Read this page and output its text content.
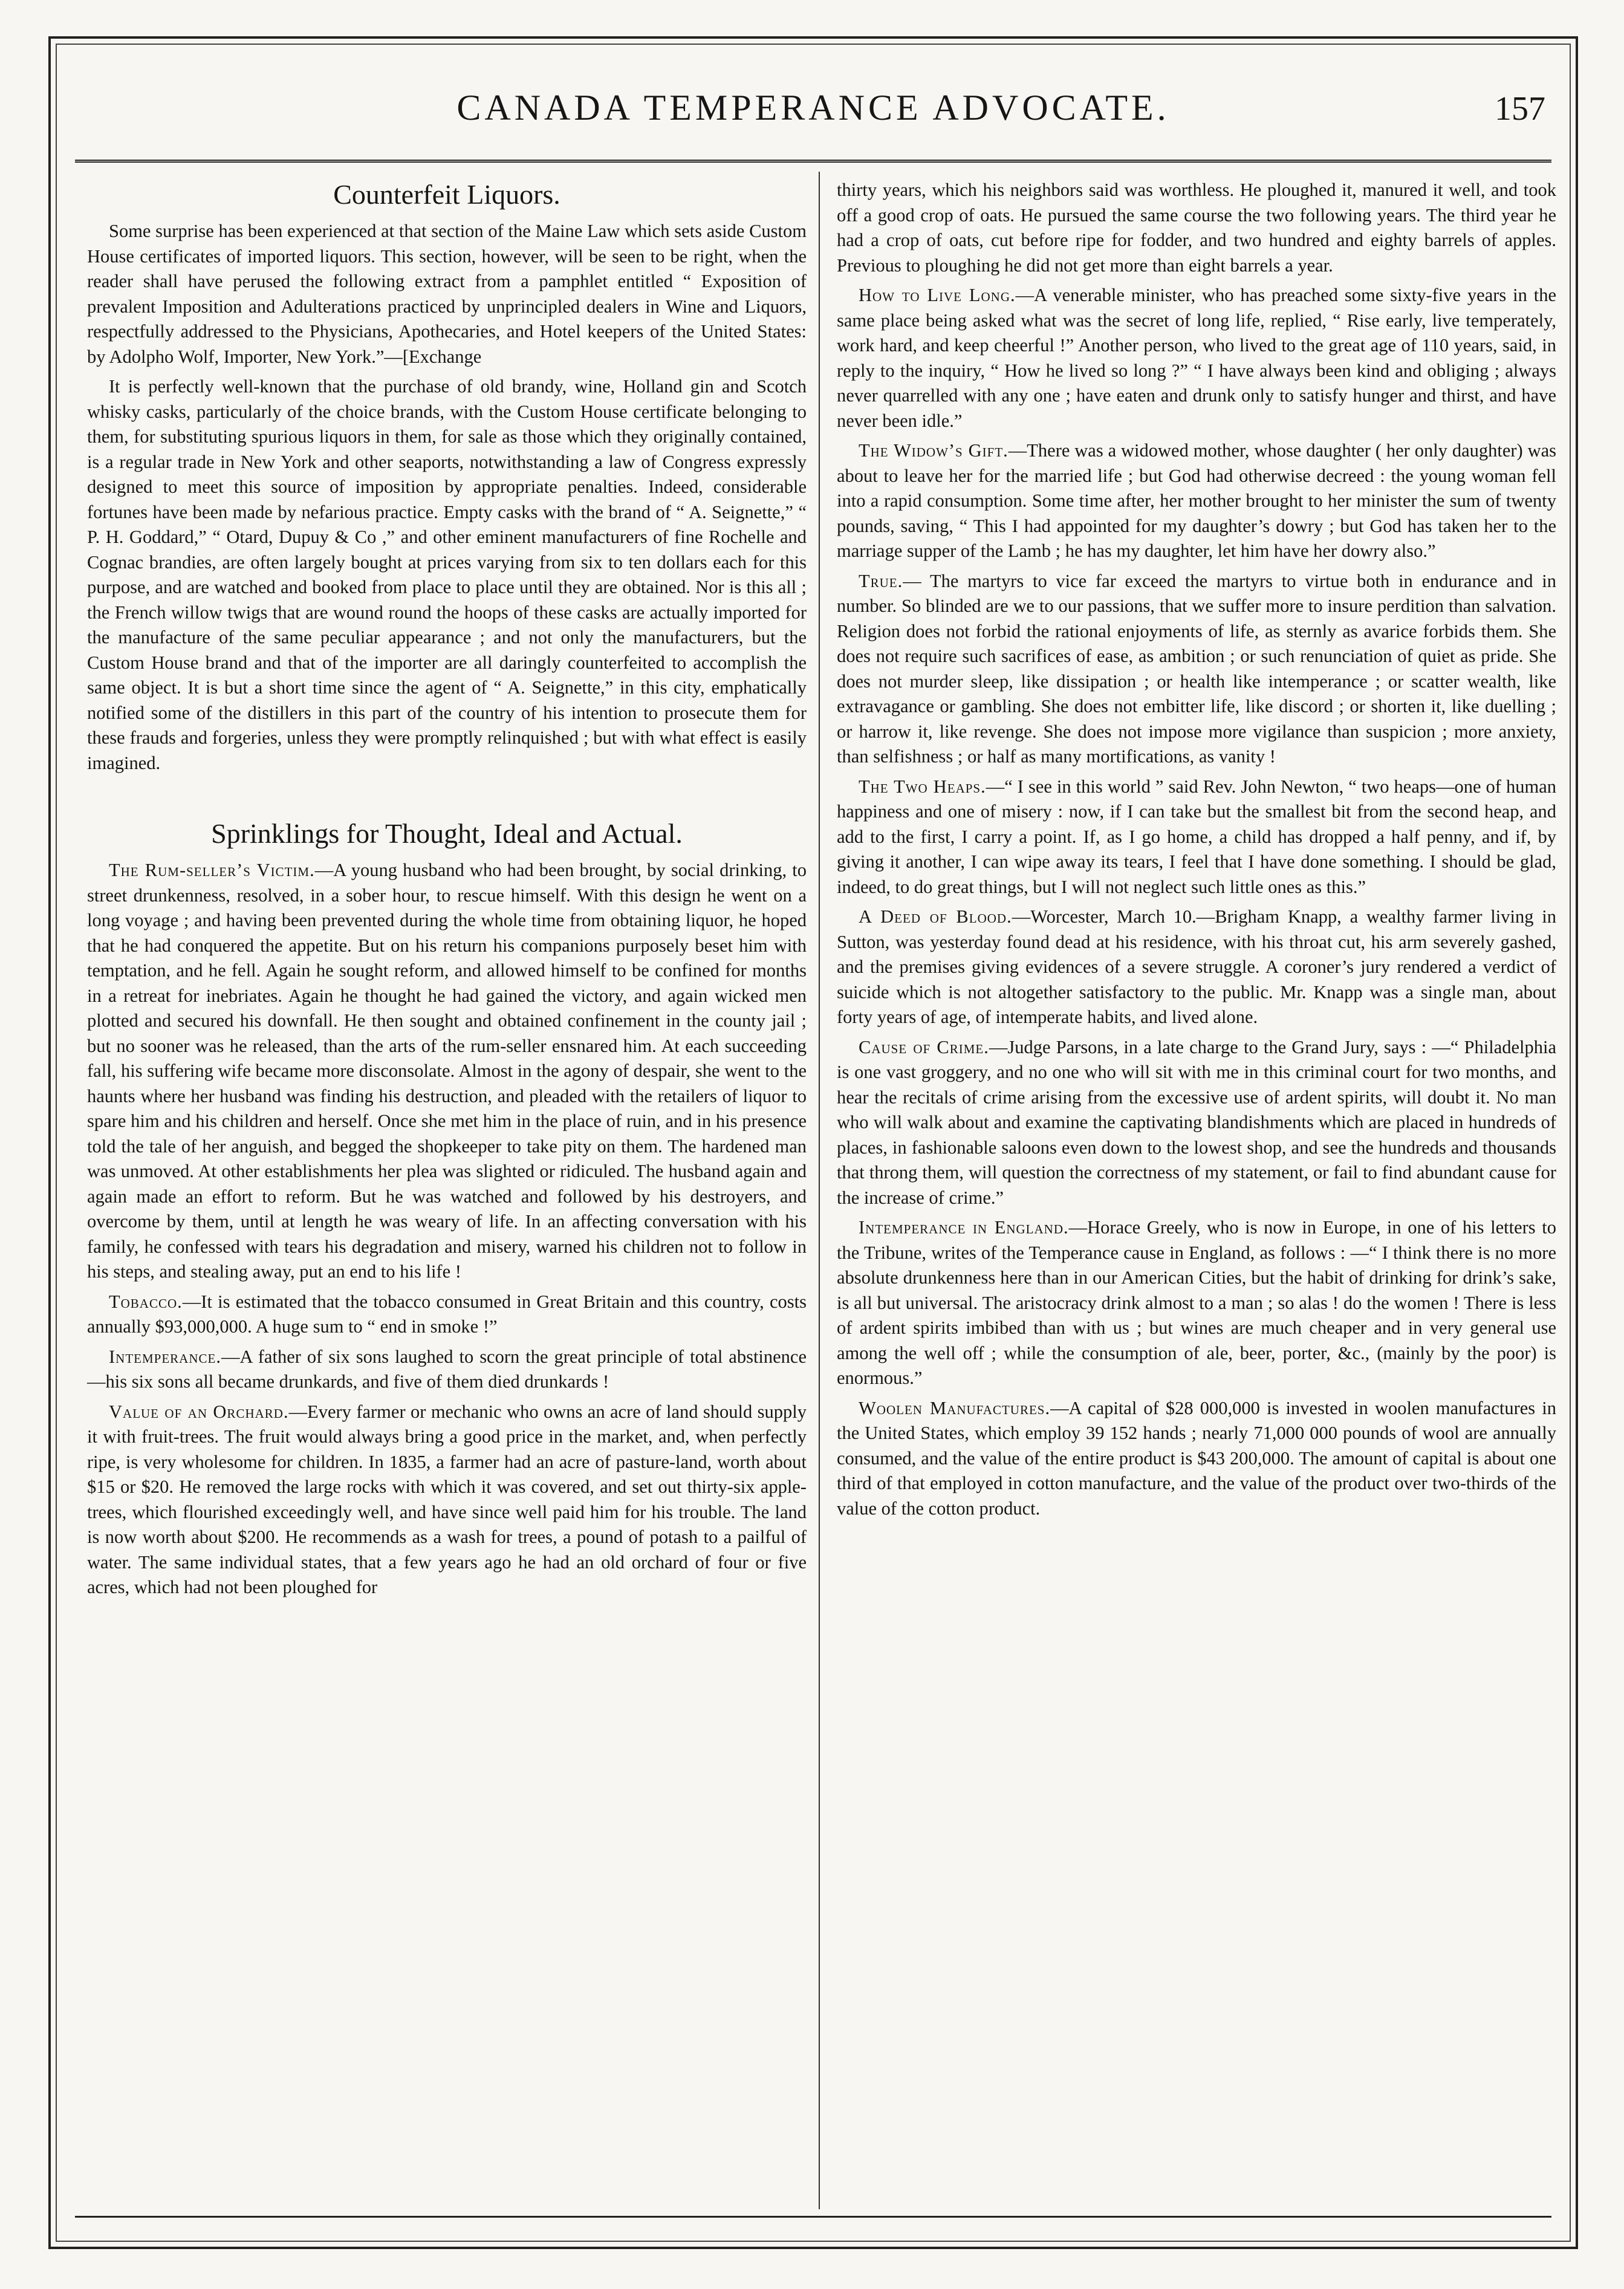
CANADA TEMPERANCE ADVOCATE.	157
Counterfeit Liquors.

Some surprise has been experienced at that section of the Maine Law which sets aside Custom House certificates of imported liquors. This section, however, will be seen to be right, when the reader shall have perused the following extract from a pamphlet entitled “ Exposition of prevalent Imposition and Adulterations practiced by unprincipled dealers in Wine and Liquors, respectfully addressed to the Physicians, Apothecaries, and Hotel keepers of the United States: by Adolpho Wolf, Importer, New York.”—[Exchange

It is perfectly well-known that the purchase of old brandy, wine, Holland gin and Scotch whisky casks, particularly of the choice brands, with the Custom House certificate belonging to them, for substituting spurious liquors in them, for sale as those which they originally contained, is a regular trade in New York and other seaports, notwithstanding a law of Congress expressly designed to meet this source of imposition by appropriate penalties. Indeed, considerable fortunes have been made by nefarious practice. Empty casks with the brand of “ A. Seignette,” “ P. H. Goddard,” “ Otard, Dupuy & Co ,” and other eminent manufacturers of fine Rochelle and Cognac brandies, are often largely bought at prices varying from six to ten dollars each for this purpose, and are watched and booked from place to place until they are obtained. Nor is this all ; the French willow twigs that are wound round the hoops of these casks are actually imported for the manufacture of the same peculiar appearance ; and not only the manufacturers, but the Custom House brand and that of the importer are all daringly counterfeited to accomplish the same object. It is but a short time since the agent of “ A. Seignette,” in this city, emphatically notified some of the distillers in this part of the country of his intention to prosecute them for these frauds and forgeries, unless they were promptly relinquished ; but with what effect is easily imagined.

Sprinklings for Thought, Ideal and Actual.

The Rum-seller’s Victim.—A young husband who had been brought, by social drinking, to street drunkenness, resolved, in a sober hour, to rescue himself. With this design he went on a long voyage ; and having been prevented during the whole time from obtaining liquor, he hoped that he had conquered the appetite. But on his return his companions purposely beset him with temptation, and he fell. Again he sought reform, and allowed himself to be confined for months in a retreat for inebriates. Again he thought he had gained the victory, and again wicked men plotted and secured his downfall. He then sought and obtained confinement in the county jail ; but no sooner was he released, than the arts of the rum-seller ensnared him. At each succeeding fall, his suffering wife became more disconsolate. Almost in the agony of despair, she went to the haunts where her husband was finding his destruction, and pleaded with the retailers of liquor to spare him and his children and herself. Once she met him in the place of ruin, and in his presence told the tale of her anguish, and begged the shopkeeper to take pity on them. The hardened man was unmoved. At other establishments her plea was slighted or ridiculed. The husband again and again made an effort to reform. But he was watched and followed by his destroyers, and overcome by them, until at length he was weary of life. In an affecting conversation with his family, he confessed with tears his degradation and misery, warned his children not to follow in his steps, and stealing away, put an end to his life !

Tobacco.—It is estimated that the tobacco consumed in Great Britain and this country, costs annually $93,000,000. A huge sum to “ end in smoke !”

Intemperance.—A father of six sons laughed to scorn the great principle of total abstinence—his six sons all became drunkards, and five of them died drunkards !

Value of an Orchard.—Every farmer or mechanic who owns an acre of land should supply it with fruit-trees. The fruit would always bring a good price in the market, and, when perfectly ripe, is very wholesome for children. In 1835, a farmer had an acre of pasture-land, worth about $15 or $20. He removed the large rocks with which it was covered, and set out thirty-six apple-trees, which flourished exceedingly well, and have since well paid him for his trouble. The land is now worth about $200. He recommends as a wash for trees, a pound of potash to a pailful of water. The same individual states, that a few years ago he had an old orchard of four or five acres, which had not been ploughed for

thirty years, which his neighbors said was worthless. He ploughed it, manured it well, and took off a good crop of oats. He pursued the same course the two following years. The third year he had a crop of oats, cut before ripe for fodder, and two hundred and eighty barrels of apples. Previous to ploughing he did not get more than eight barrels a year.

How to Live Long.—A venerable minister, who has preached some sixty-five years in the same place being asked what was the secret of long life, replied, “ Rise early, live temperately, work hard, and keep cheerful !” Another person, who lived to the great age of 110 years, said, in reply to the inquiry, “ How he lived so long ?” “ I have always been kind and obliging ; always never quarrelled with any one ; have eaten and drunk only to satisfy hunger and thirst, and have never been idle.”

The Widow’s Gift.—There was a widowed mother, whose daughter ( her only daughter) was about to leave her for the married life ; but God had otherwise decreed : the young woman fell into a rapid consumption. Some time after, her mother brought to her minister the sum of twenty pounds, saving, “ This I had appointed for my daughter’s dowry ; but God has taken her to the marriage supper of the Lamb ; he has my daughter, let him have her dowry also.”

True.— The martyrs to vice far exceed the martyrs to virtue both in endurance and in number. So blinded are we to our passions, that we suffer more to insure perdition than salvation. Religion does not forbid the rational enjoyments of life, as sternly as avarice forbids them. She does not require such sacrifices of ease, as ambition ; or such renunciation of quiet as pride. She does not murder sleep, like dissipation ; or health like intemperance ; or scatter wealth, like extravagance or gambling. She does not embitter life, like discord ; or shorten it, like duelling ; or harrow it, like revenge. She does not impose more vigilance than suspicion ; more anxiety, than selfishness ; or half as many mortifications, as vanity !

The Two Heaps.—“ I see in this world ” said Rev. John Newton, “ two heaps—one of human happiness and one of misery : now, if I can take but the smallest bit from the second heap, and add to the first, I carry a point. If, as I go home, a child has dropped a half penny, and if, by giving it another, I can wipe away its tears, I feel that I have done something. I should be glad, indeed, to do great things, but I will not neglect such little ones as this.”

A Deed of Blood.—Worcester, March 10.—Brigham Knapp, a wealthy farmer living in Sutton, was yesterday found dead at his residence, with his throat cut, his arm severely gashed, and the premises giving evidences of a severe struggle. A coroner’s jury rendered a verdict of suicide which is not altogether satisfactory to the public. Mr. Knapp was a single man, about forty years of age, of intemperate habits, and lived alone.

Cause of Crime.—Judge Parsons, in a late charge to the Grand Jury, says : —“ Philadelphia is one vast groggery, and no one who will sit with me in this criminal court for two months, and hear the recitals of crime arising from the excessive use of ardent spirits, will doubt it. No man who will walk about and examine the captivating blandishments which are placed in hundreds of places, in fashionable saloons even down to the lowest shop, and see the hundreds and thousands that throng them, will question the correctness of my statement, or fail to find abundant cause for the increase of crime.”

Intemperance in England.—Horace Greely, who is now in Europe, in one of his letters to the Tribune, writes of the Temperance cause in England, as follows : —“ I think there is no more absolute drunkenness here than in our American Cities, but the habit of drinking for drink’s sake, is all but universal. The aristocracy drink almost to a man ; so alas ! do the women ! There is less of ardent spirits imbibed than with us ; but wines are much cheaper and in very general use among the well off ; while the consumption of ale, beer, porter, &c., (mainly by the poor) is enormous.”

Woolen Manufactures.—A capital of $28 000,000 is invested in woolen manufactures in the United States, which employ 39 152 hands ; nearly 71,000 000 pounds of wool are annually consumed, and the value of the entire product is $43 200,000. The amount of capital is about one third of that employed in cotton manufacture, and the value of the product over two-thirds of the value of the cotton product.
